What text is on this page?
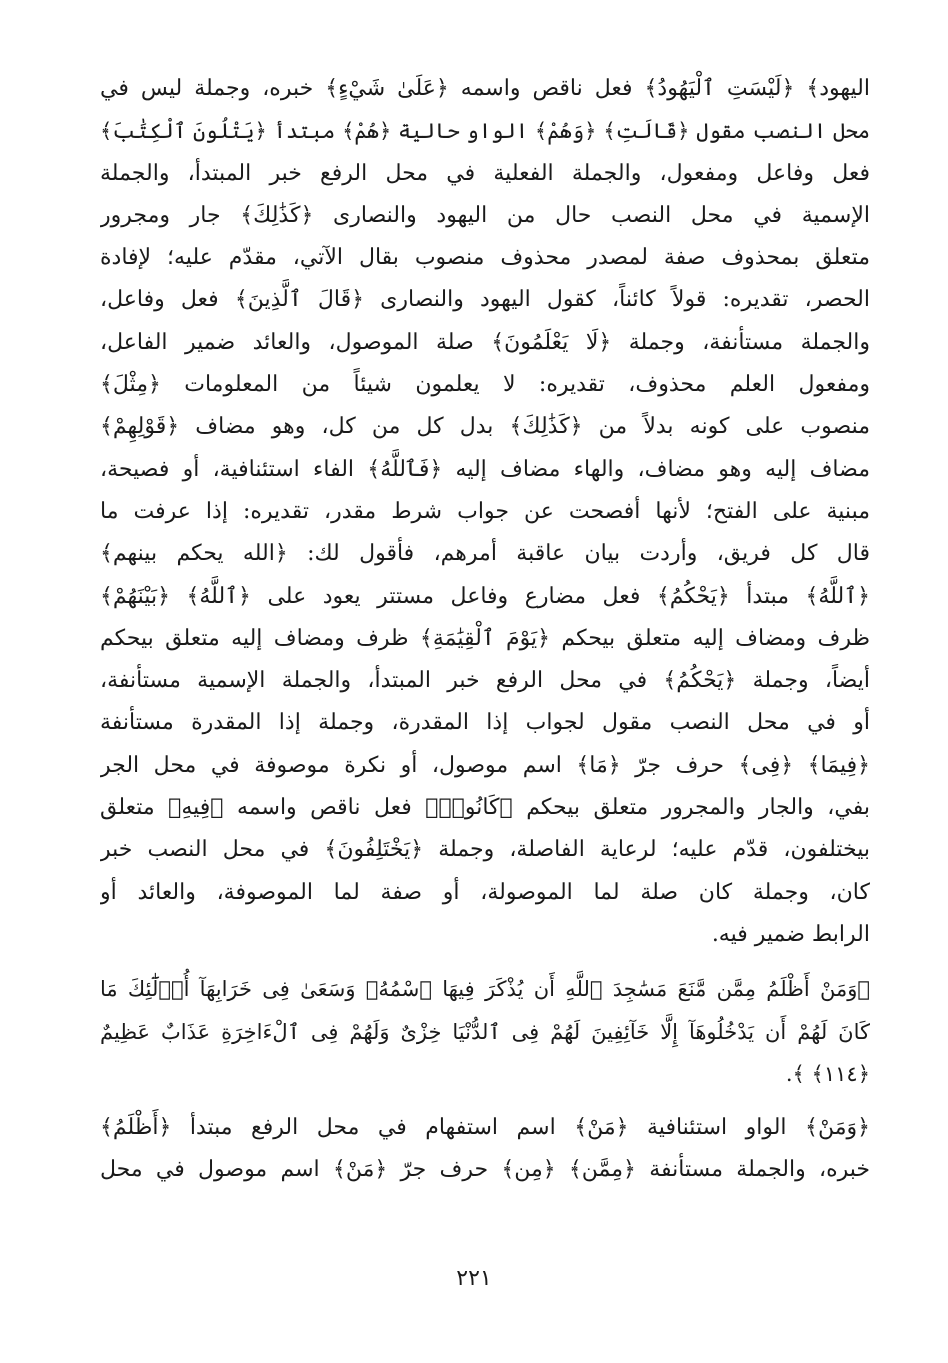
اليهود﴾ ﴿لَيْسَتِ ٱلْيَهُودُ﴾ فعل ناقص واسمه ﴿عَلَىٰ شَيْءٍ﴾ خبره، وجملة ليس في
محل النصب مقول ﴿قَالَتِ﴾ ﴿وَهُمْ﴾ الواو حالية ﴿هُمْ﴾ مبتدأ ﴿يَتْلُونَ ٱلْكِتَٰبَ﴾
فعل وفاعل ومفعول، والجملة الفعلية في محل الرفع خبر المبتدأ، والجملة
الإسمية في محل النصب حال من اليهود والنصارى ﴿كَذَٰلِكَ﴾ جار ومجرور
متعلق بمحذوف صفة لمصدر محذوف منصوب بقال الآتي، مقدّم عليه؛ لإفادة
الحصر، تقديره: قولاً كائناً، كقول اليهود والنصارى ﴿قَالَ ٱلَّذِينَ﴾ فعل وفاعل،
والجملة مستأنفة، وجملة ﴿لَا يَعْلَمُونَ﴾ صلة الموصول، والعائد ضمير الفاعل،
ومفعول العلم محذوف، تقديره: لا يعلمون شيئاً من المعلومات ﴿مِثْلَ﴾
منصوب على كونه بدلاً من ﴿كَذَٰلِكَ﴾ بدل كل من كل، وهو مضاف ﴿قَوْلِهِمْ﴾
مضاف إليه وهو مضاف، والهاء مضاف إليه ﴿فَٱللَّهُ﴾ الفاء استئنافية، أو فصيحة،
مبنية على الفتح؛ لأنها أفصحت عن جواب شرط مقدر، تقديره: إذا عرفت ما
قال كل فريق، وأردت بيان عاقبة أمرهم، فأقول لك: ﴿الله يحكم بينهم﴾
﴿ٱللَّهُ﴾ مبتدأ ﴿يَحْكُمُ﴾ فعل مضارع وفاعل مستتر يعود على ﴿ٱللَّهُ﴾ ﴿بَيْنَهُمْ﴾
ظرف ومضاف إليه متعلق بيحكم ﴿يَوْمَ ٱلْقِيَٰمَةِ﴾ ظرف ومضاف إليه متعلق بيحكم
أيضاً، وجملة ﴿يَحْكُمُ﴾ في محل الرفع خبر المبتدأ، والجملة الإسمية مستأنفة،
أو في محل النصب مقول لجواب إذا المقدرة، وجملة إذا المقدرة مستأنفة
﴿فِيمَا﴾ ﴿فِى﴾ حرف جرّ ﴿مَا﴾ اسم موصول، أو نكرة موصوفة في محل الجر
بفي، والجار والمجرور متعلق بيحكم ﴿كَانُوا۟﴾ فعل ناقص واسمه ﴿فِيهِ﴾ متعلق
بيختلفون، قدّم عليه؛ لرعاية الفاصلة، وجملة ﴿يَخْتَلِفُونَ﴾ في محل النصب خبر
كان، وجملة كان صلة لما الموصولة، أو صفة لما الموصوفة، والعائد أو
الرابط ضمير فيه.
﴿وَمَنْ أَظْلَمُ مِمَّن مَّنَعَ مَسَٰجِدَ ٱللَّهِ أَن يُذْكَرَ فِيهَا ٱسْمُهُۥ وَسَعَىٰ فِى خَرَابِهَآ أُو۟لَٰٓئِكَ مَا
كَانَ لَهُمْ أَن يَدْخُلُوهَآ إِلَّا خَآئِفِينَ لَهُمْ فِى ٱلدُّنْيَا خِزْىٌ وَلَهُمْ فِى ٱلْءَاخِرَةِ عَذَابٌ عَظِيمٌ
﴿١١٤﴾ ﴾.
﴿وَمَنْ﴾ الواو استئنافية ﴿مَنْ﴾ اسم استفهام في محل الرفع مبتدأ ﴿أَظْلَمُ﴾
خبره، والجملة مستأنفة ﴿مِمَّن﴾ ﴿مِن﴾ حرف جرّ ﴿مَنْ﴾ اسم موصول في محل
٢٢١
